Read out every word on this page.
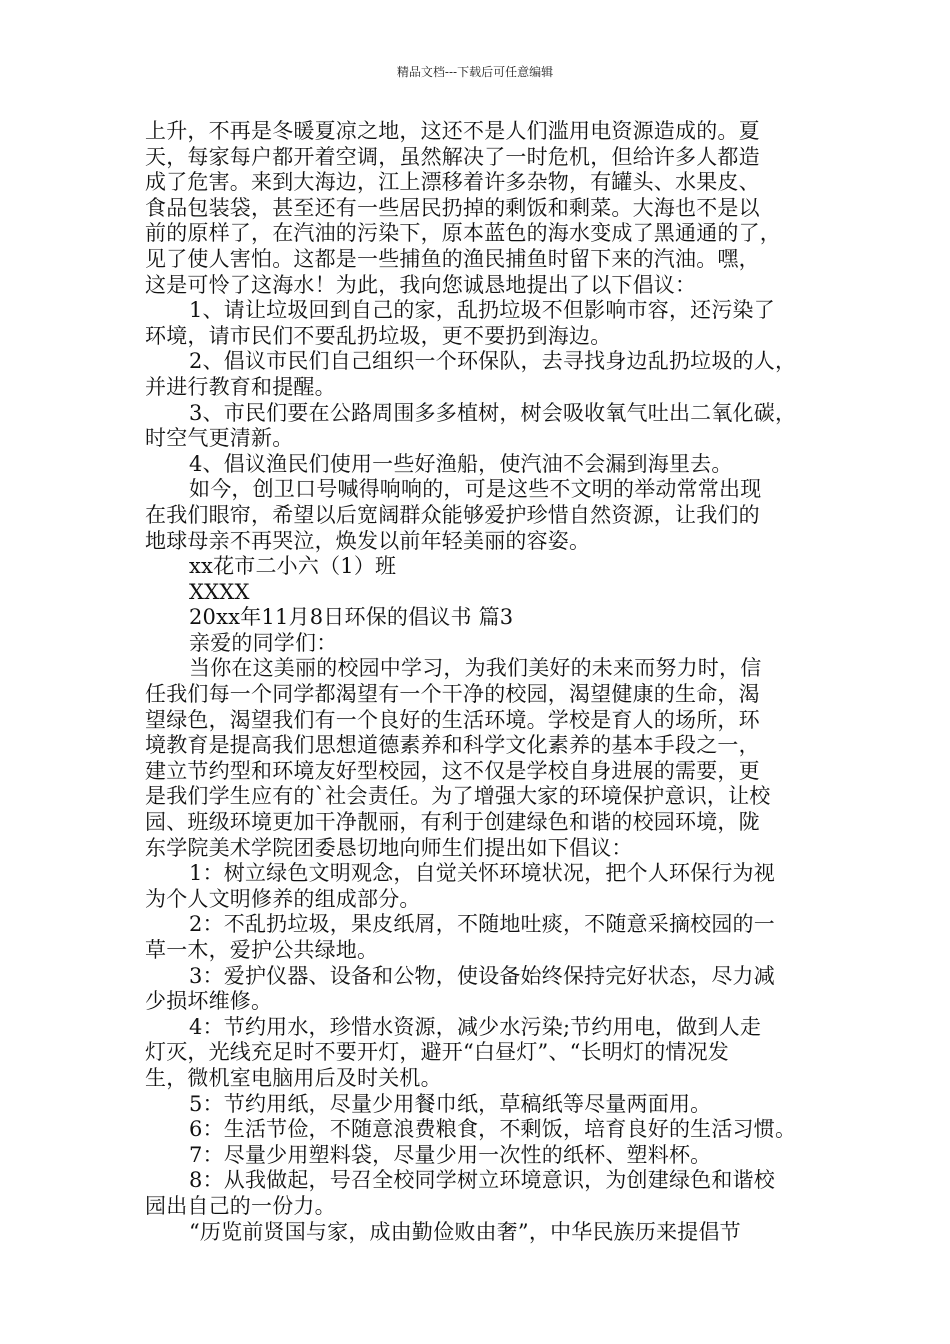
精品文档---下载后可任意编辑
上升，不再是冬暖夏凉之地，这还不是人们滥用电资源造成的。夏
天，每家每户都开着空调，虽然解决了一时危机，但给许多人都造
成了危害。来到大海边，江上漂移着许多杂物，有罐头、水果皮、
食品包装袋，甚至还有一些居民扔掉的剩饭和剩菜。大海也不是以
前的原样了，在汽油的污染下，原本蓝色的海水变成了黑通通的了，
见了使人害怕。这都是一些捕鱼的渔民捕鱼时留下来的汽油。嘿，
这是可怜了这海水！为此，我向您诚恳地提出了以下倡议：
1、请让垃圾回到自己的家，乱扔垃圾不但影响市容，还污染了
环境，请市民们不要乱扔垃圾，更不要扔到海边。
2、倡议市民们自己组织一个环保队，去寻找身边乱扔垃圾的人，
并进行教育和提醒。
3、市民们要在公路周围多多植树，树会吸收氧气吐出二氧化碳，
时空气更清新。
4、倡议渔民们使用一些好渔船，使汽油不会漏到海里去。
如今，创卫口号喊得响响的，可是这些不文明的举动常常出现
在我们眼帘，希望以后宽阔群众能够爱护珍惜自然资源，让我们的
地球母亲不再哭泣，焕发以前年轻美丽的容姿。
xx花市二小六（1）班
XXXX
20xx年11月8日环保的倡议书 篇3
亲爱的同学们：
当你在这美丽的校园中学习，为我们美好的未来而努力时，信
任我们每一个同学都渴望有一个干净的校园，渴望健康的生命，渴
望绿色，渴望我们有一个良好的生活环境。学校是育人的场所，环
境教育是提高我们思想道德素养和科学文化素养的基本手段之一，
建立节约型和环境友好型校园，这不仅是学校自身进展的需要，更
是我们学生应有的`社会责任。为了增强大家的环境保护意识，让校
园、班级环境更加干净靓丽，有利于创建绿色和谐的校园环境，陇
东学院美术学院团委恳切地向师生们提出如下倡议：
1：树立绿色文明观念，自觉关怀环境状况，把个人环保行为视
为个人文明修养的组成部分。
2：不乱扔垃圾，果皮纸屑，不随地吐痰，不随意采摘校园的一
草一木，爱护公共绿地。
3：爱护仪器、设备和公物，使设备始终保持完好状态，尽力减
少损坏维修。
4：节约用水，珍惜水资源，减少水污染;节约用电，做到人走
灯灭，光线充足时不要开灯，避开“白昼灯”、“长明灯的情况发
生，微机室电脑用后及时关机。
5：节约用纸，尽量少用餐巾纸，草稿纸等尽量两面用。
6：生活节俭，不随意浪费粮食，不剩饭，培育良好的生活习惯。
7：尽量少用塑料袋，尽量少用一次性的纸杯、塑料杯。
8：从我做起，号召全校同学树立环境意识，为创建绿色和谐校
园出自己的一份力。
“历览前贤国与家，成由勤俭败由奢”，中华民族历来提倡节
